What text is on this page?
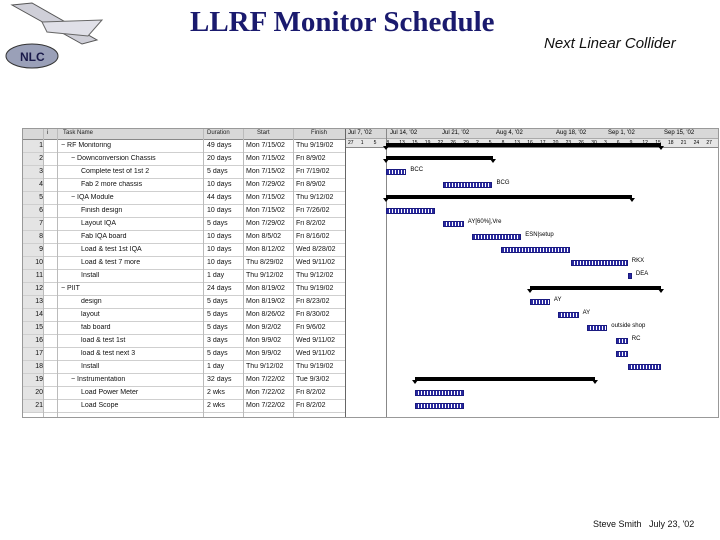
NLC
LLRF Monitor Schedule
Next Linear Collider
i Task Name	Duration	Start	Finish
1	− RF Monitoring	49 days	Mon 7/15/02	Thu 9/19/02
2	− Downconversion Chassis	20 days	Mon 7/15/02	Fri 8/9/02
3	Complete test of 1st 2	5 days	Mon 7/15/02	Fri 7/19/02
4	Fab 2 more chassis	10 days	Mon 7/29/02	Fri 8/9/02
5	− IQA Module	44 days	Mon 7/15/02	Thu 9/12/02
6	Finish design	10 days	Mon 7/15/02	Fri 7/26/02
7	Layout IQA	5 days	Mon 7/29/02	Fri 8/2/02
8	Fab IQA board	10 days	Mon 8/5/02	Fri 8/16/02
9	Load & test 1st IQA	10 days	Mon 8/12/02	Wed 8/28/02
10	Load & test 7 more	10 days	Thu 8/29/02	Wed 9/11/02
11	Install	1 day	Thu 9/12/02	Thu 9/12/02
12	− PIIT	24 days	Mon 8/19/02	Thu 9/19/02
13	design	5 days	Mon 8/19/02	Fri 8/23/02
14	layout	5 days	Mon 8/26/02	Fri 8/30/02
15	fab board	5 days	Mon 9/2/02	Fri 9/6/02
16	load & test 1st	3 days	Mon 9/9/02	Wed 9/11/02
17	load & test next 3	5 days	Mon 9/9/02	Wed 9/11/02
18	Install	1 day	Thu 9/12/02	Thu 9/19/02
19	− Instrumentation	32 days	Mon 7/22/02	Tue 9/3/02
20	Load Power Meter	2 wks	Mon 7/22/02	Fri 8/2/02
21	Load Scope	2 wks	Mon 7/22/02	Fri 8/2/02
Jul 7, '02	Jul 14, '02	Jul 21, '02	Aug 4, '02	Aug 18, '02	Sep 1, '02	Sep 15, '02
27 1 5	18 21 24 27
BCC
BCG
AY[60%],Vre
ESN|setup
RKX
DEA
AY
AY
outside shop
RC
Steve Smith July 23, '02
